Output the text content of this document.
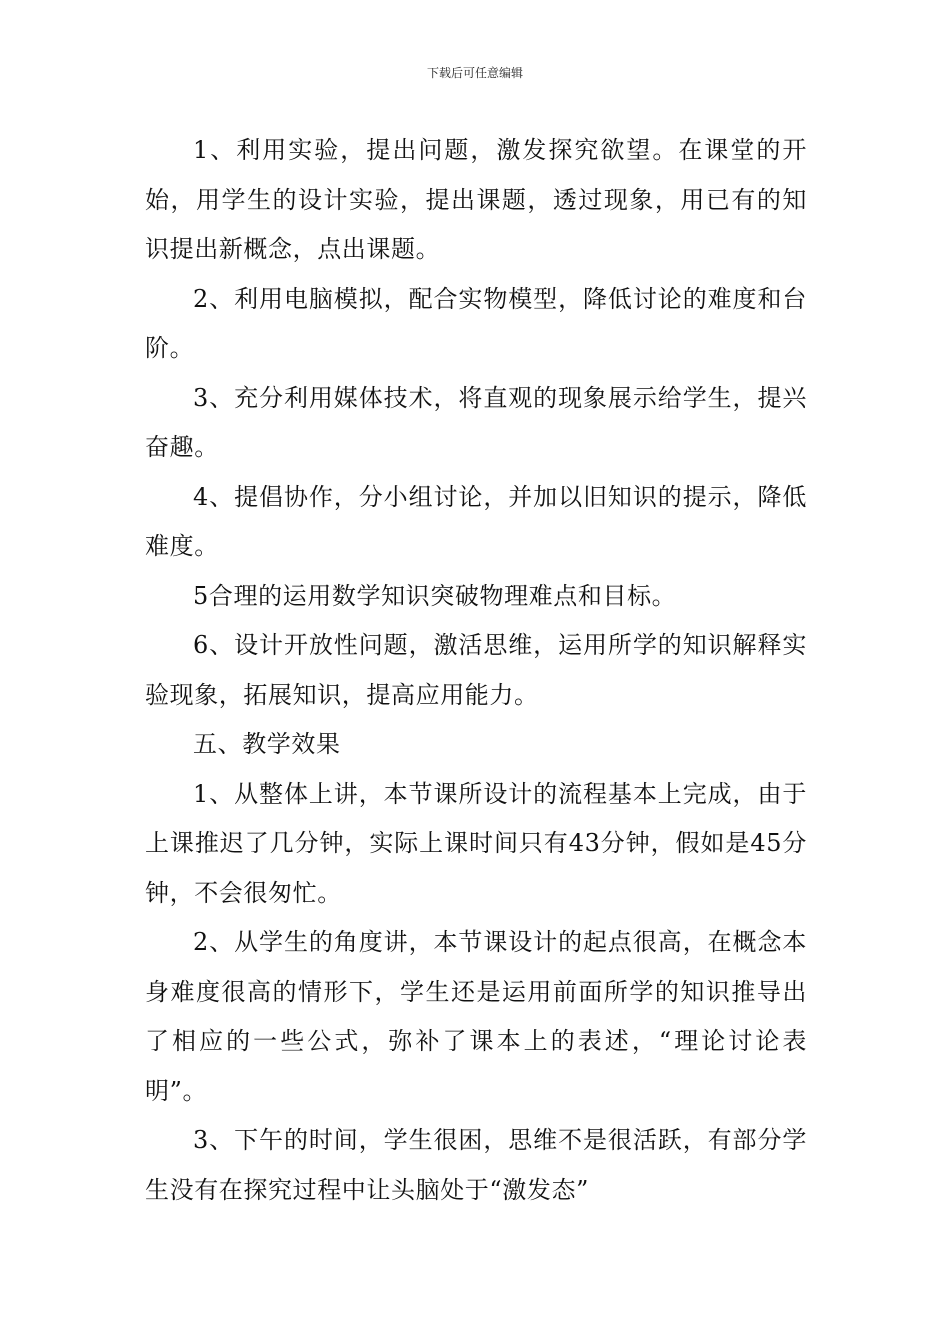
下载后可任意编辑

1、利用实验，提出问题，激发探究欲望。在课堂的开始，用学生的设计实验，提出课题，透过现象，用已有的知识提出新概念，点出课题。

2、利用电脑模拟，配合实物模型，降低讨论的难度和台阶。

3、充分利用媒体技术，将直观的现象展示给学生，提兴奋趣。

4、提倡协作，分小组讨论，并加以旧知识的提示，降低难度。

5合理的运用数学知识突破物理难点和目标。

6、设计开放性问题，激活思维，运用所学的知识解释实验现象，拓展知识，提高应用能力。

五、教学效果

1、从整体上讲，本节课所设计的流程基本上完成，由于上课推迟了几分钟，实际上课时间只有43分钟，假如是45分钟，不会很匆忙。

2、从学生的角度讲，本节课设计的起点很高，在概念本身难度很高的情形下，学生还是运用前面所学的知识推导出了相应的一些公式，弥补了课本上的表述，“理论讨论表明”。

3、下午的时间，学生很困，思维不是很活跃，有部分学生没有在探究过程中让头脑处于“激发态”
